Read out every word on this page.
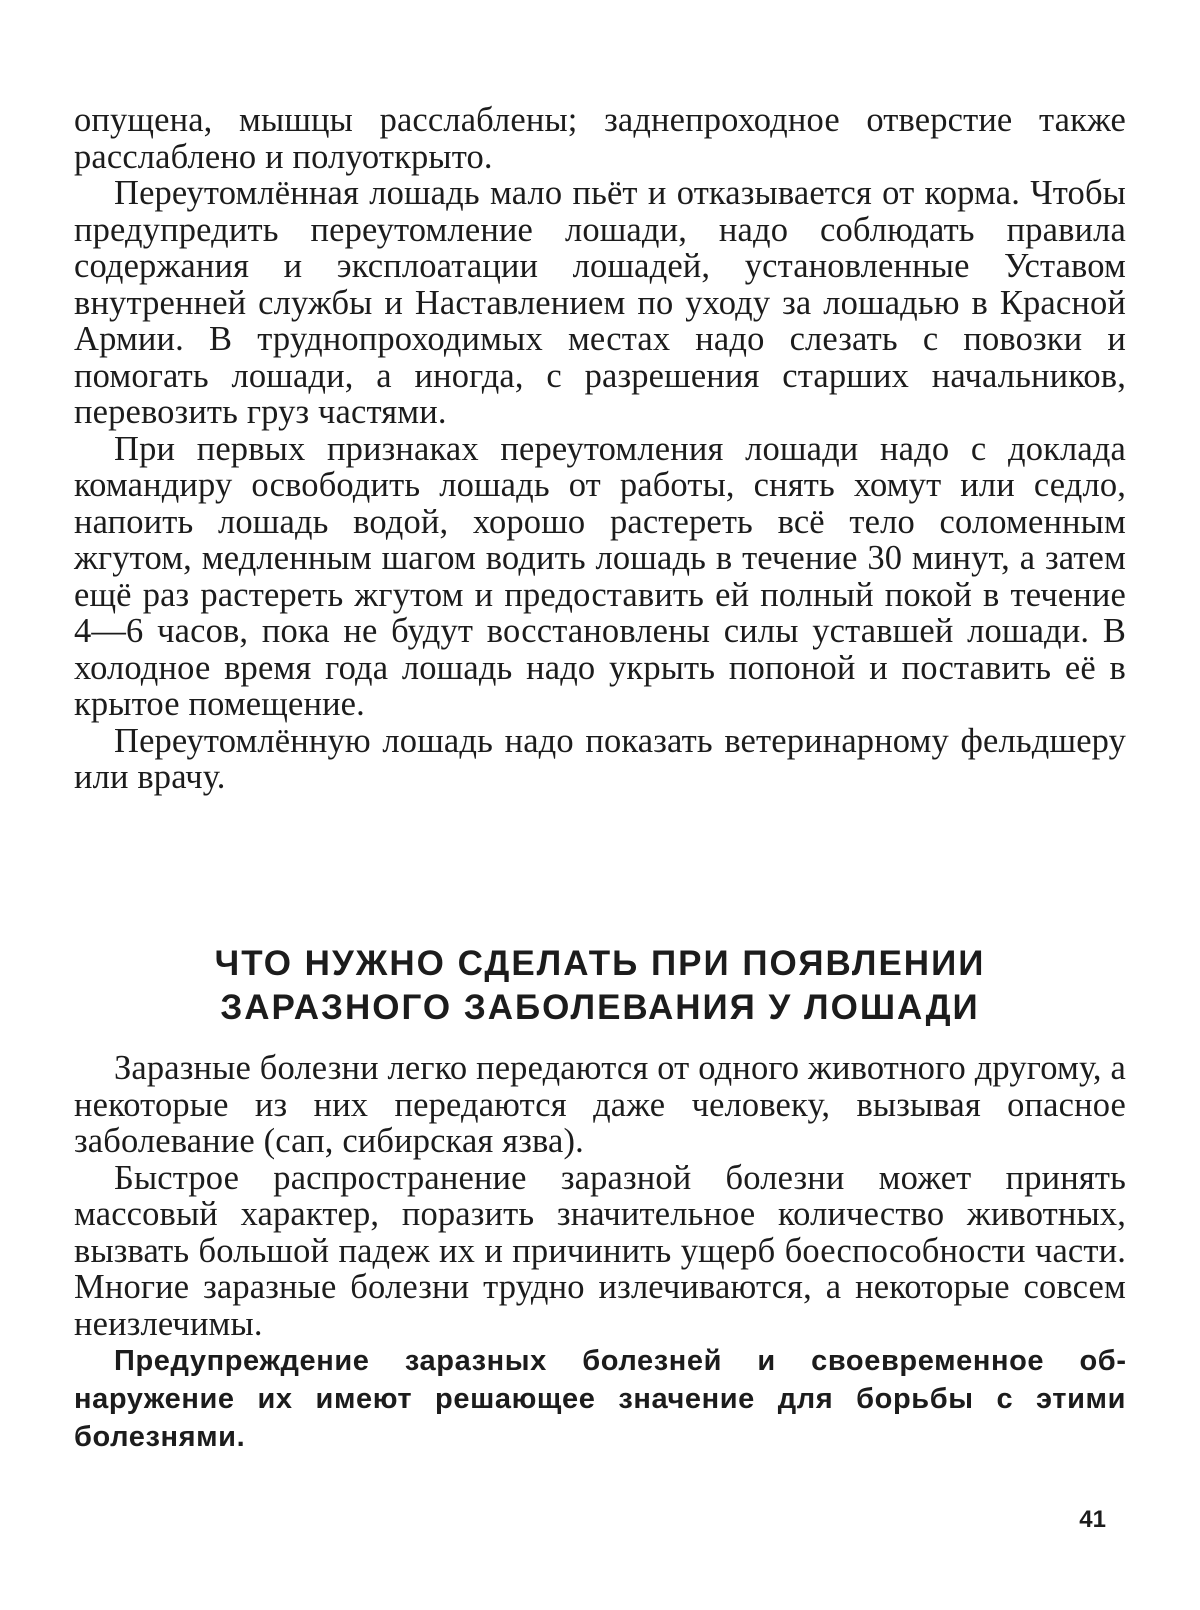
опущена, мышцы расслаблены; заднепроходное отверстие также расслаблено и полуоткрыто.

Переутомлённая лошадь мало пьёт и отказывается от корма. Чтобы предупредить переутомление лошади, надо соблюдать правила содержания и эксплоатации лошадей, установленные Уставом внутренней службы и Наставлением по уходу за лошадью в Красной Армии. В труднопроходимых местах надо слезать с повозки и помогать лошади, а иногда, с разрешения старших начальников, перевозить груз частями.

При первых признаках переутомления лошади надо с доклада командиру освободить лошадь от работы, снять хомут или седло, напоить лошадь водой, хорошо растереть всё тело соломенным жгутом, медленным шагом водить лошадь в течение 30 минут, а затем ещё раз растереть жгутом и предоставить ей полный покой в течение 4—6 часов, пока не будут восстановлены силы уставшей лошади. В холодное время года лошадь надо укрыть попоной и поставить её в крытое помещение.

Переутомлённую лошадь надо показать ветеринарному фельдшеру или врачу.

ЧТО НУЖНО СДЕЛАТЬ ПРИ ПОЯВЛЕНИИ
ЗАРАЗНОГО ЗАБОЛЕВАНИЯ У ЛОШАДИ

Заразные болезни легко передаются от одного животного другому, а некоторые из них передаются даже человеку, вызывая опасное заболевание (сап, сибирская язва).

Быстрое распространение заразной болезни может принять массовый характер, поразить значительное количество животных, вызвать большой падеж их и причинить ущерб боеспособности части. Многие заразные болезни трудно излечиваются, а некоторые совсем неизлечимы.

Предупреждение заразных болезней и своевременное обнаружение их имеют решающее значение для борьбы с этими болезнями.

41
